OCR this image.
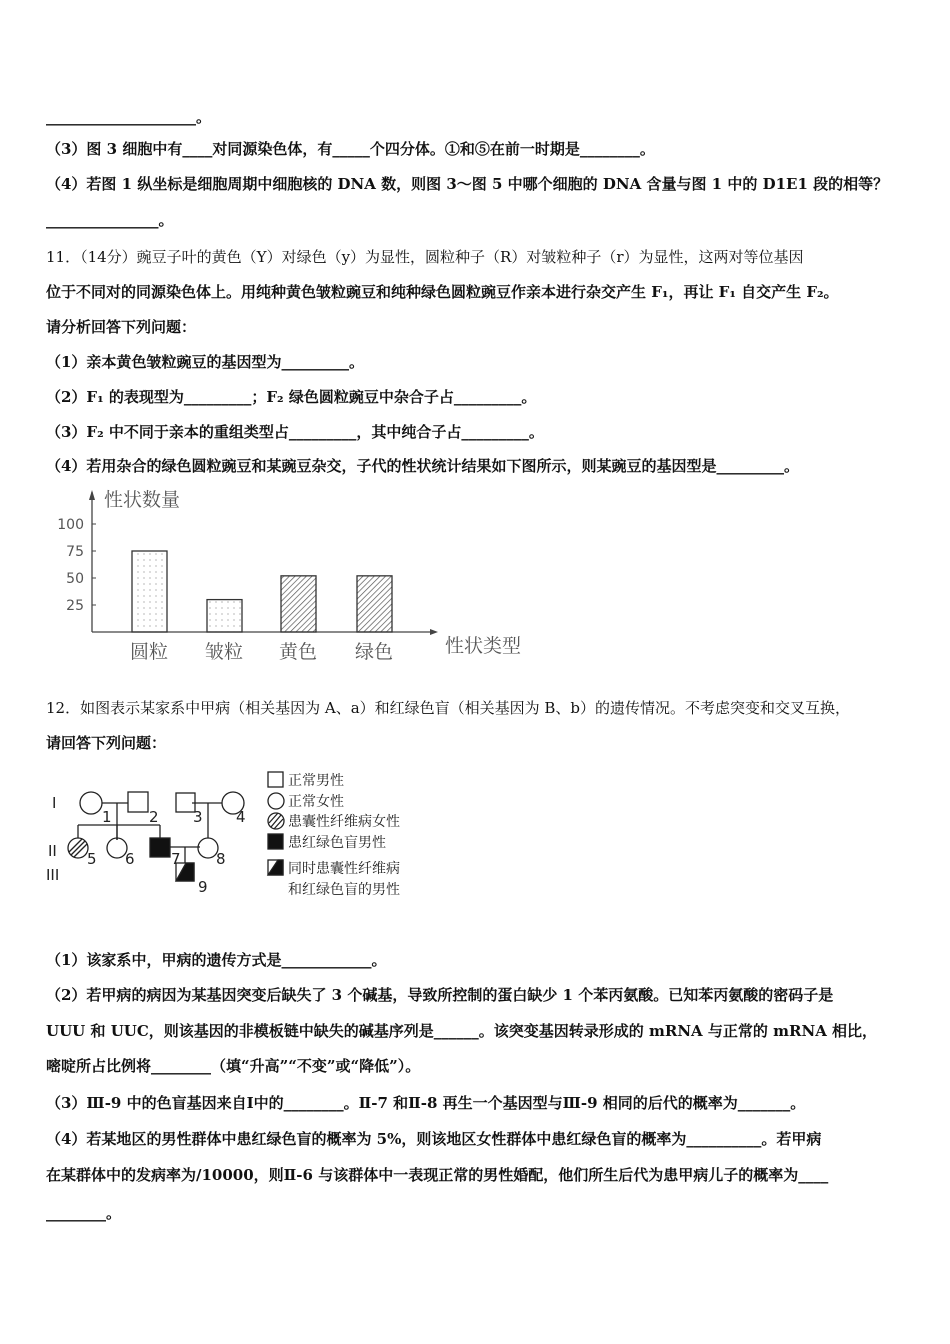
____________________。
（3）图 3 细胞中有____对同源染色体，有_____个四分体。①和⑤在前一时期是________。
（4）若图 1 纵坐标是细胞周期中细胞核的 DNA 数，则图 3～图 5 中哪个细胞的 DNA 含量与图 1 中的 D1E1 段的相等？
_______________。
11．（14分）豌豆子叶的黄色（Y）对绿色（y）为显性，圆粒种子（R）对皱粒种子（r）为显性，这两对等位基因
位于不同对的同源染色体上。用纯种黄色皱粒豌豆和纯种绿色圆粒豌豆作亲本进行杂交产生 F₁，再让 F₁ 自交产生 F₂。
请分析回答下列问题：
（1）亲本黄色皱粒豌豆的基因型为_________。
（2）F₁ 的表现型为_________；F₂ 绿色圆粒豌豆中杂合子占_________。
（3）F₂ 中不同于亲本的重组类型占_________，其中纯合子占_________。
（4）若用杂合的绿色圆粒豌豆和某豌豆杂交，子代的性状统计结果如下图所示，则某豌豆的基因型是_________。
12．如图表示某家系中甲病（相关基因为 A、a）和红绿色盲（相关基因为 B、b）的遗传情况。不考虑突变和交叉互换，
请回答下列问题：
（1）该家系中，甲病的遗传方式是____________。
（2）若甲病的病因为某基因突变后缺失了 3 个碱基，导致所控制的蛋白缺少 1 个苯丙氨酸。已知苯丙氨酸的密码子是
UUU 和 UUC，则该基因的非模板链中缺失的碱基序列是______。该突变基因转录形成的 mRNA 与正常的 mRNA 相比，
嘧啶所占比例将________（填“升高”“不变”或“降低”）。
（3）Ⅲ-9 中的色盲基因来自Ⅰ中的________。Ⅱ-7 和Ⅱ-8 再生一个基因型与Ⅲ-9 相同的后代的概率为_______。
（4）若某地区的男性群体中患红绿色盲的概率为 5%，则该地区女性群体中患红绿色盲的概率为__________。若甲病
在某群体中的发病率为/10000，则Ⅱ-6 与该群体中一表现正常的男性婚配，他们所生后代为患甲病儿子的概率为____
________。
性状数量
性状类型
25
50
75
100
圆粒 皱粒 黄色 绿色
I
II
III
1 2 3 4
5 6 7 8
9
正常男性
正常女性
患囊性纤维病女性
患红绿色盲男性
同时患囊性纤维病
和红绿色盲的男性
